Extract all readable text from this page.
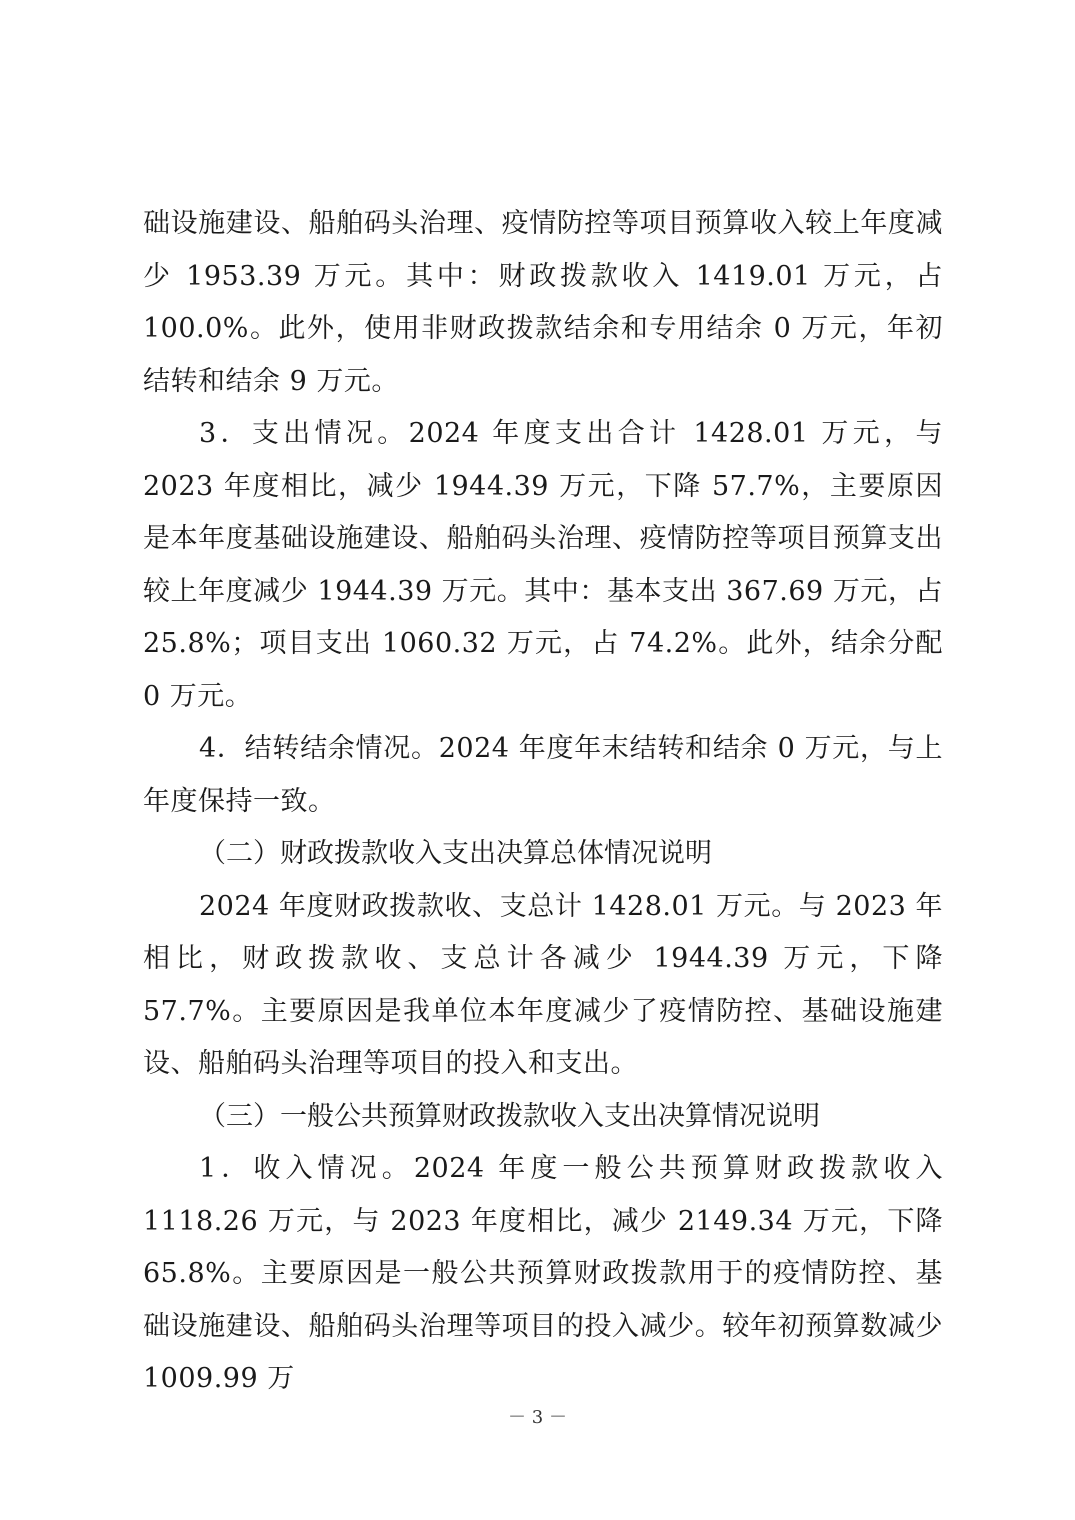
础设施建设、船舶码头治理、疫情防控等项目预算收入较上年度减少 1953.39 万元。其中：财政拨款收入 1419.01 万元，占 100.0%。此外，使用非财政拨款结余和专用结余 0 万元，年初结转和结余 9 万元。

3．支出情况。2024 年度支出合计 1428.01 万元，与 2023 年度相比，减少 1944.39 万元，下降 57.7%，主要原因是本年度基础设施建设、船舶码头治理、疫情防控等项目预算支出较上年度减少 1944.39 万元。其中：基本支出 367.69 万元，占 25.8%；项目支出 1060.32 万元，占 74.2%。此外，结余分配 0 万元。

4．结转结余情况。2024 年度年末结转和结余 0 万元，与上年度保持一致。

（二）财政拨款收入支出决算总体情况说明

2024 年度财政拨款收、支总计 1428.01 万元。与 2023 年相比，财政拨款收、支总计各减少 1944.39 万元，下降 57.7%。主要原因是我单位本年度减少了疫情防控、基础设施建设、船舶码头治理等项目的投入和支出。

（三）一般公共预算财政拨款收入支出决算情况说明

1．收入情况。2024 年度一般公共预算财政拨款收入 1118.26 万元，与 2023 年度相比，减少 2149.34 万元，下降 65.8%。主要原因是一般公共预算财政拨款用于的疫情防控、基础设施建设、船舶码头治理等项目的投入减少。较年初预算数减少 1009.99 万

－ 3 －
